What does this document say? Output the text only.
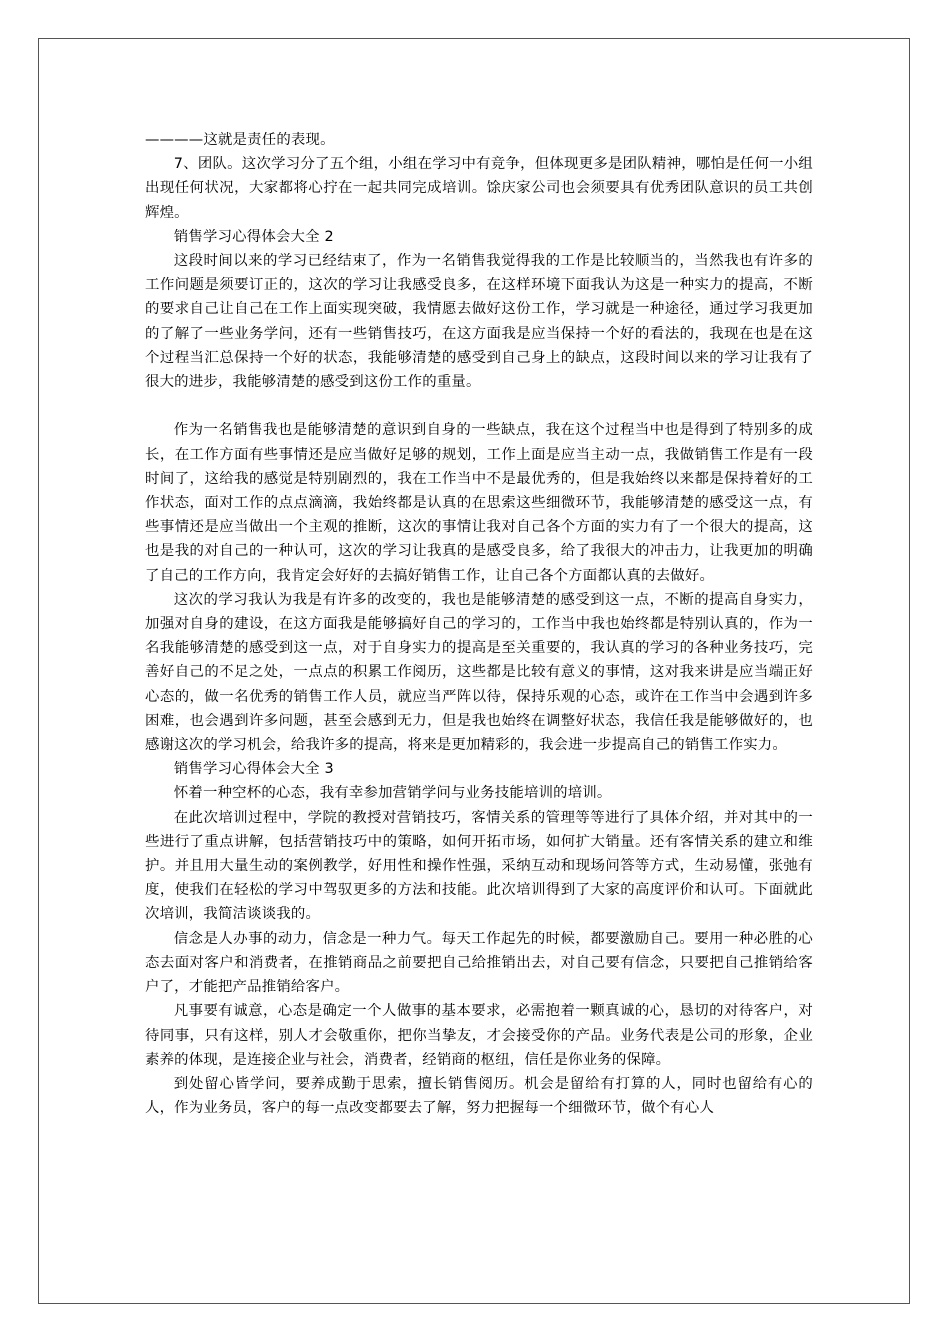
————这就是责任的表现。

7、团队。这次学习分了五个组，小组在学习中有竞争，但体现更多是团队精神，哪怕是任何一小组出现任何状况，大家都将心拧在一起共同完成培训。馀庆家公司也会须要具有优秀团队意识的员工共创辉煌。

销售学习心得体会大全 2

这段时间以来的学习已经结束了，作为一名销售我觉得我的工作是比较顺当的，当然我也有许多的工作问题是须要订正的，这次的学习让我感受良多，在这样环境下面我认为这是一种实力的提高，不断的要求自己让自己在工作上面实现突破，我情愿去做好这份工作，学习就是一种途径，通过学习我更加的了解了一些业务学问，还有一些销售技巧，在这方面我是应当保持一个好的看法的，我现在也是在这个过程当汇总保持一个好的状态，我能够清楚的感受到自己身上的缺点，这段时间以来的学习让我有了很大的进步，我能够清楚的感受到这份工作的重量。

作为一名销售我也是能够清楚的意识到自身的一些缺点，我在这个过程当中也是得到了特别多的成长，在工作方面有些事情还是应当做好足够的规划，工作上面是应当主动一点，我做销售工作是有一段时间了，这给我的感觉是特别剧烈的，我在工作当中不是最优秀的，但是我始终以来都是保持着好的工作状态，面对工作的点点滴滴，我始终都是认真的在思索这些细微环节，我能够清楚的感受这一点，有些事情还是应当做出一个主观的推断，这次的事情让我对自己各个方面的实力有了一个很大的提高，这也是我的对自己的一种认可，这次的学习让我真的是感受良多，给了我很大的冲击力，让我更加的明确了自己的工作方向，我肯定会好好的去搞好销售工作，让自己各个方面都认真的去做好。

这次的学习我认为我是有许多的改变的，我也是能够清楚的感受到这一点，不断的提高自身实力，加强对自身的建设，在这方面我是能够搞好自己的学习的，工作当中我也始终都是特别认真的，作为一名我能够清楚的感受到这一点，对于自身实力的提高是至关重要的，我认真的学习的各种业务技巧，完善好自己的不足之处，一点点的积累工作阅历，这些都是比较有意义的事情，这对我来讲是应当端正好心态的，做一名优秀的销售工作人员，就应当严阵以待，保持乐观的心态，或许在工作当中会遇到许多困难，也会遇到许多问题，甚至会感到无力，但是我也始终在调整好状态，我信任我是能够做好的，也感谢这次的学习机会，给我许多的提高，将来是更加精彩的，我会进一步提高自己的销售工作实力。

销售学习心得体会大全 3

怀着一种空杯的心态，我有幸参加营销学问与业务技能培训的培训。

在此次培训过程中，学院的教授对营销技巧，客情关系的管理等等进行了具体介绍，并对其中的一些进行了重点讲解，包括营销技巧中的策略，如何开拓市场，如何扩大销量。还有客情关系的建立和维护。并且用大量生动的案例教学，好用性和操作性强，采纳互动和现场问答等方式，生动易懂，张弛有度，使我们在轻松的学习中驾驭更多的方法和技能。此次培训得到了大家的高度评价和认可。下面就此次培训，我简洁谈谈我的。

信念是人办事的动力，信念是一种力气。每天工作起先的时候，都要激励自己。要用一种必胜的心态去面对客户和消费者，在推销商品之前要把自己给推销出去，对自己要有信念，只要把自己推销给客户了，才能把产品推销给客户。

凡事要有诚意，心态是确定一个人做事的基本要求，必需抱着一颗真诚的心，恳切的对待客户，对待同事，只有这样，别人才会敬重你，把你当挚友，才会接受你的产品。业务代表是公司的形象，企业素养的体现，是连接企业与社会，消费者，经销商的枢纽，信任是你业务的保障。

到处留心皆学问，要养成勤于思索，擅长销售阅历。机会是留给有打算的人，同时也留给有心的人，作为业务员，客户的每一点改变都要去了解，努力把握每一个细微环节，做个有心人
